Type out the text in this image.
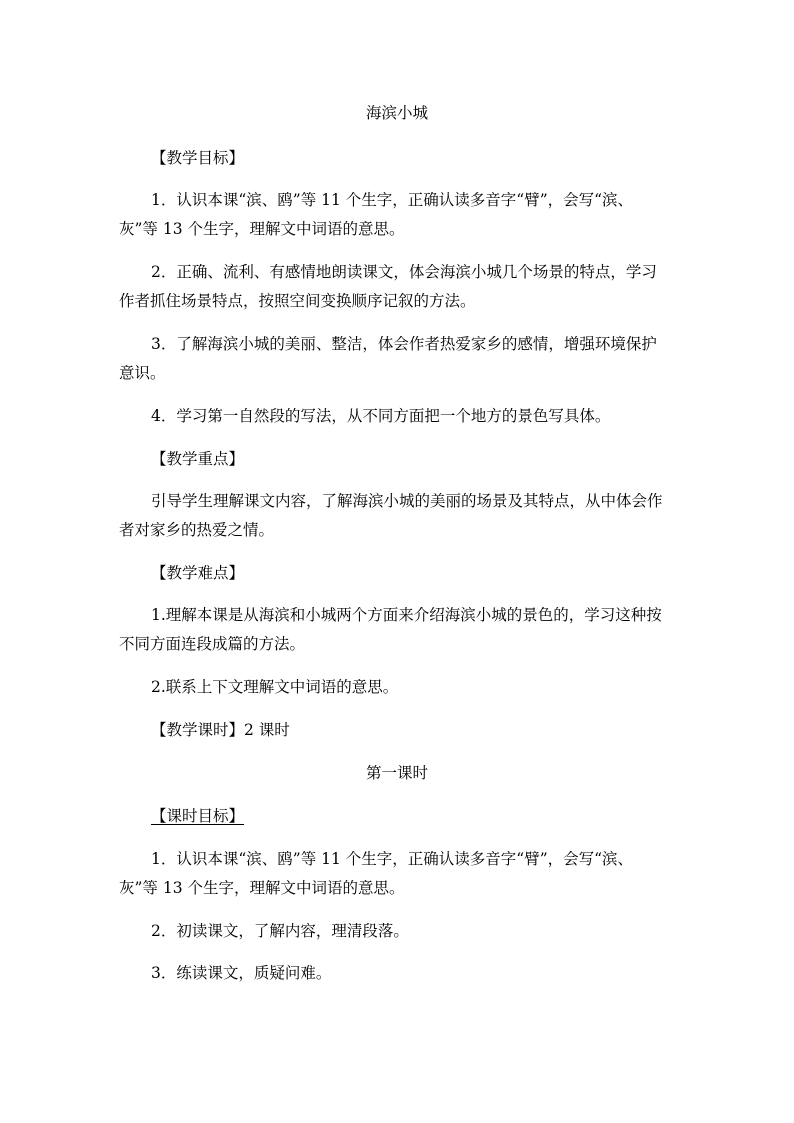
海滨小城
【教学目标】
1．认识本课“滨、鸥”等 11 个生字，正确认读多音字“臂”，会写“滨、
灰”等 13 个生字，理解文中词语的意思。
2．正确、流利、有感情地朗读课文，体会海滨小城几个场景的特点，学习
作者抓住场景特点，按照空间变换顺序记叙的方法。
3．了解海滨小城的美丽、整洁，体会作者热爱家乡的感情，增强环境保护
意识。
4．学习第一自然段的写法，从不同方面把一个地方的景色写具体。
【教学重点】
引导学生理解课文内容，了解海滨小城的美丽的场景及其特点，从中体会作
者对家乡的热爱之情。
【教学难点】
1.理解本课是从海滨和小城两个方面来介绍海滨小城的景色的，学习这种按
不同方面连段成篇的方法。
2.联系上下文理解文中词语的意思。
【教学课时】2 课时
第一课时
【课时目标】
1．认识本课“滨、鸥”等 11 个生字，正确认读多音字“臂”，会写“滨、
灰”等 13 个生字，理解文中词语的意思。
2．初读课文，了解内容，理清段落。
3．练读课文，质疑问难。
